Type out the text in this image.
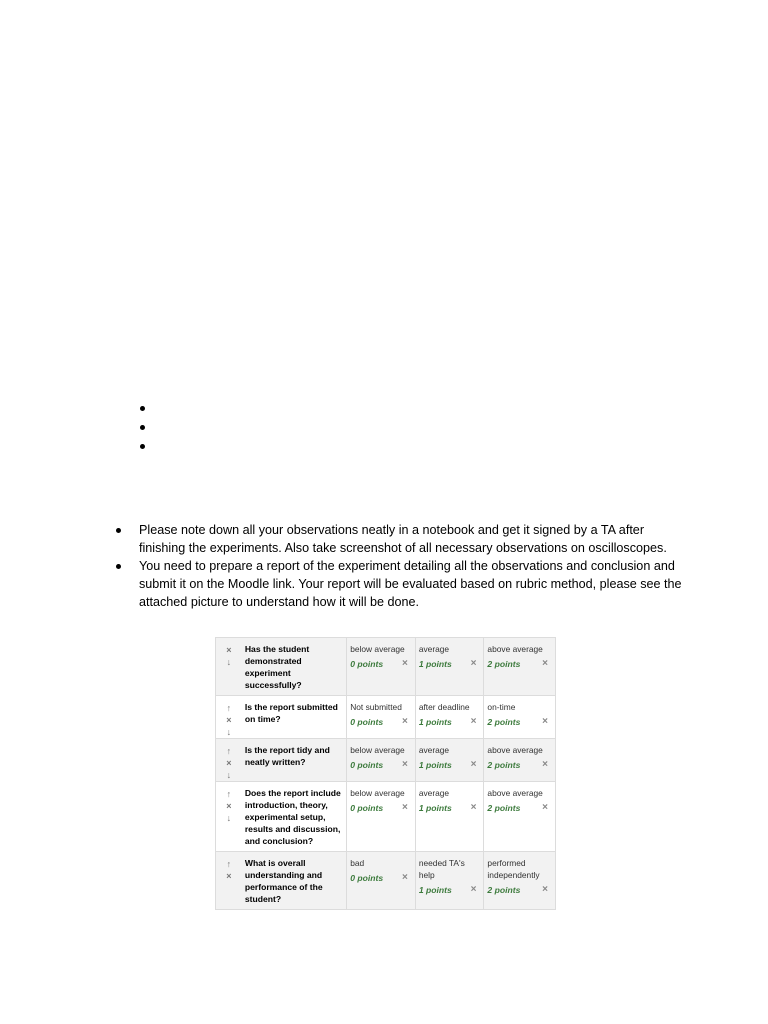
Please note down all your observations neatly in a notebook and get it signed by a TA after finishing the experiments. Also take screenshot of all necessary observations on oscilloscopes.
You need to prepare a report of the experiment detailing all the observations and conclusion and submit it on the Moodle link. Your report will be evaluated based on rubric method, please see the attached picture to understand how it will be done.
×
↓
Has the student demonstrated experiment successfully?
below average
0 points ×
average
1 points ×
above average
2 points ×
↑
×
↓
Is the report submitted on time?
Not submitted
0 points ×
after deadline
1 points ×
on-time
2 points ×
↑
×
↓
Is the report tidy and neatly written?
below average
0 points ×
average
1 points ×
above average
2 points ×
↑
×
↓
Does the report include introduction, theory, experimental setup, results and discussion, and conclusion?
below average
0 points ×
average
1 points ×
above average
2 points ×
↑
×
What is overall understanding and performance of the student?
bad
0 points ×
needed TA's help
1 points ×
performed independently
2 points ×
